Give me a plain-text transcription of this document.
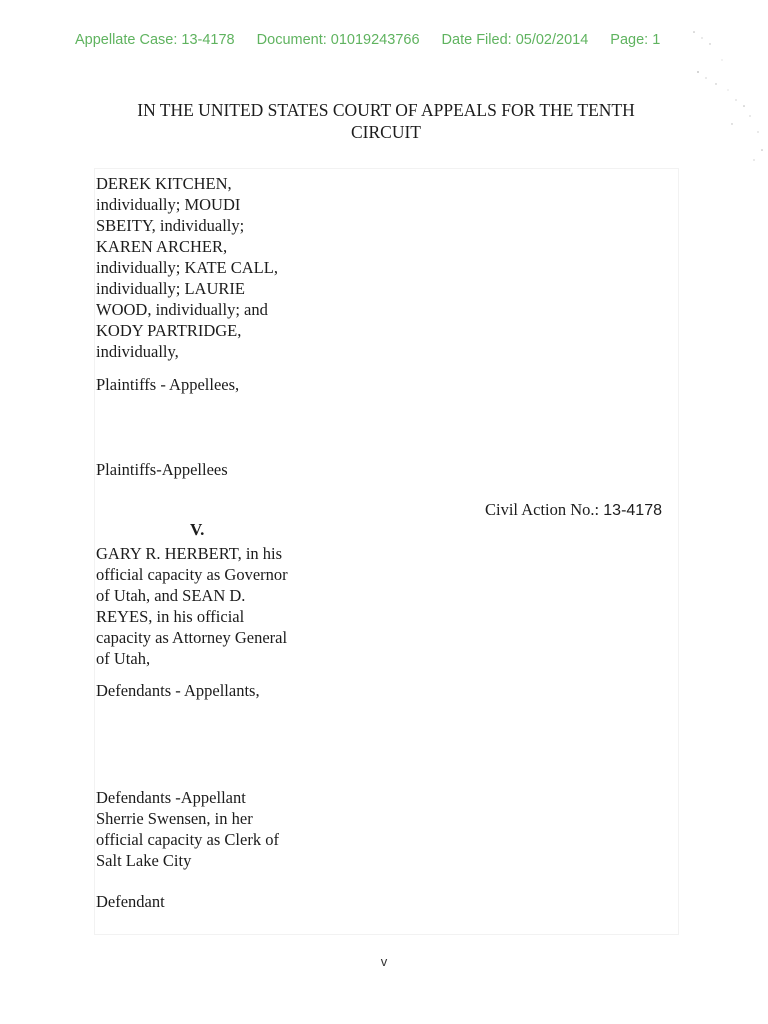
Appellate Case: 13-4178 Document: 01019243766 Date Filed: 05/02/2014 Page: 1
IN THE UNITED STATES COURT OF APPEALS FOR THE TENTH
CIRCUIT
DEREK KITCHEN,
individually; MOUDI
SBEITY, individually;
KAREN ARCHER,
individually; KATE CALL,
individually; LAURIE
WOOD, individually; and
KODY PARTRIDGE,
individually,
Plaintiffs - Appellees,
Plaintiffs-Appellees
Civil Action No.: 13-4178
V.
GARY R. HERBERT, in his
official capacity as Governor
of Utah, and SEAN D.
REYES, in his official
capacity as Attorney General
of Utah,
Defendants - Appellants,
Defendants -Appellant
Sherrie Swensen, in her
official capacity as Clerk of
Salt Lake City
Defendant
v
